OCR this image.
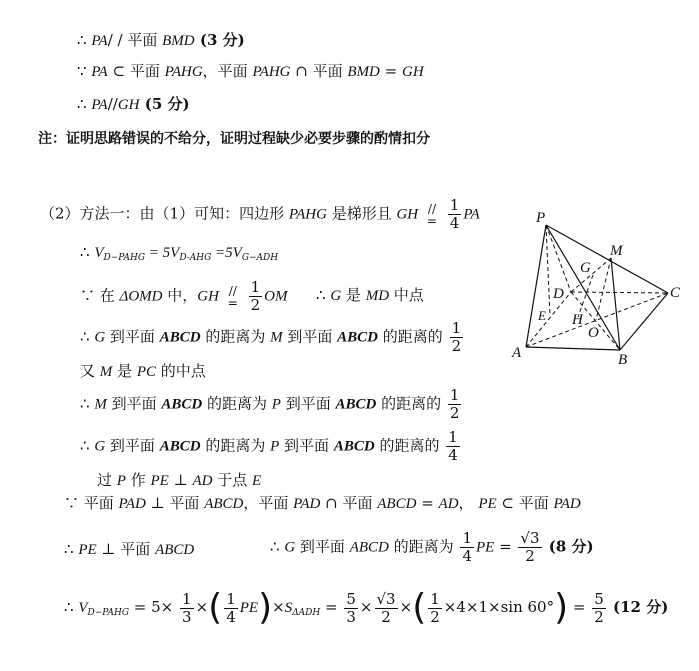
∴ PA/ / 平面 BMD (3 分)
∵ PA ⊂ 平面 PAHG，平面 PAHG ∩ 平面 BMD = GH
∴ PA//GH (5 分)
注：证明思路错误的不给分，证明过程缺少必要步骤的酌情扣分
（2）方法一：由（1）可知：四边形 PAHG 是梯形且 GH //
=
$\frac{1}{4}$ PA
∴ $V_{D-PAHG} = 5V_{D-AHG} =5V_{G-ADH}$
∵ 在 ΔOMD 中，GH //
=
$\frac{1}{2}$ OM ∴ G 是 MD 中点
∴ G 到平面 ABCD 的距离为 M 到平面 ABCD 的距离的 $\frac{1}{2}$
又 M 是 PC 的中点
∴ M 到平面 ABCD 的距离为 P 到平面 ABCD 的距离的 $\frac{1}{2}$
∴ G 到平面 ABCD 的距离为 P 到平面 ABCD 的距离的 $\frac{1}{4}$
过 P 作 PE ⊥ AD 于点 E
∵ 平面 PAD ⊥ 平面 ABCD，平面 PAD ∩ 平面 ABCD = AD， PE ⊂ 平面 PAD
∴ PE ⊥ 平面 ABCD	∴ G 到平面 ABCD 的距离为 $\frac{1}{4}$ PE = $\frac{√3}{2} (8$ 分)
∴ $V_{D-PAHG} = 5\times \frac{1}{3}$ ×( $\frac{1}{4} PE)\times S_{\Delta ADH} = \frac{5}{3} \times \frac{√3}{2}$ ×( $\frac{1}{2} \times 4\times 1\times\sin$ $60^\circ) = \frac{5}{2} (12$ 分)
P
M
G
D	C
E H
O
A	B
